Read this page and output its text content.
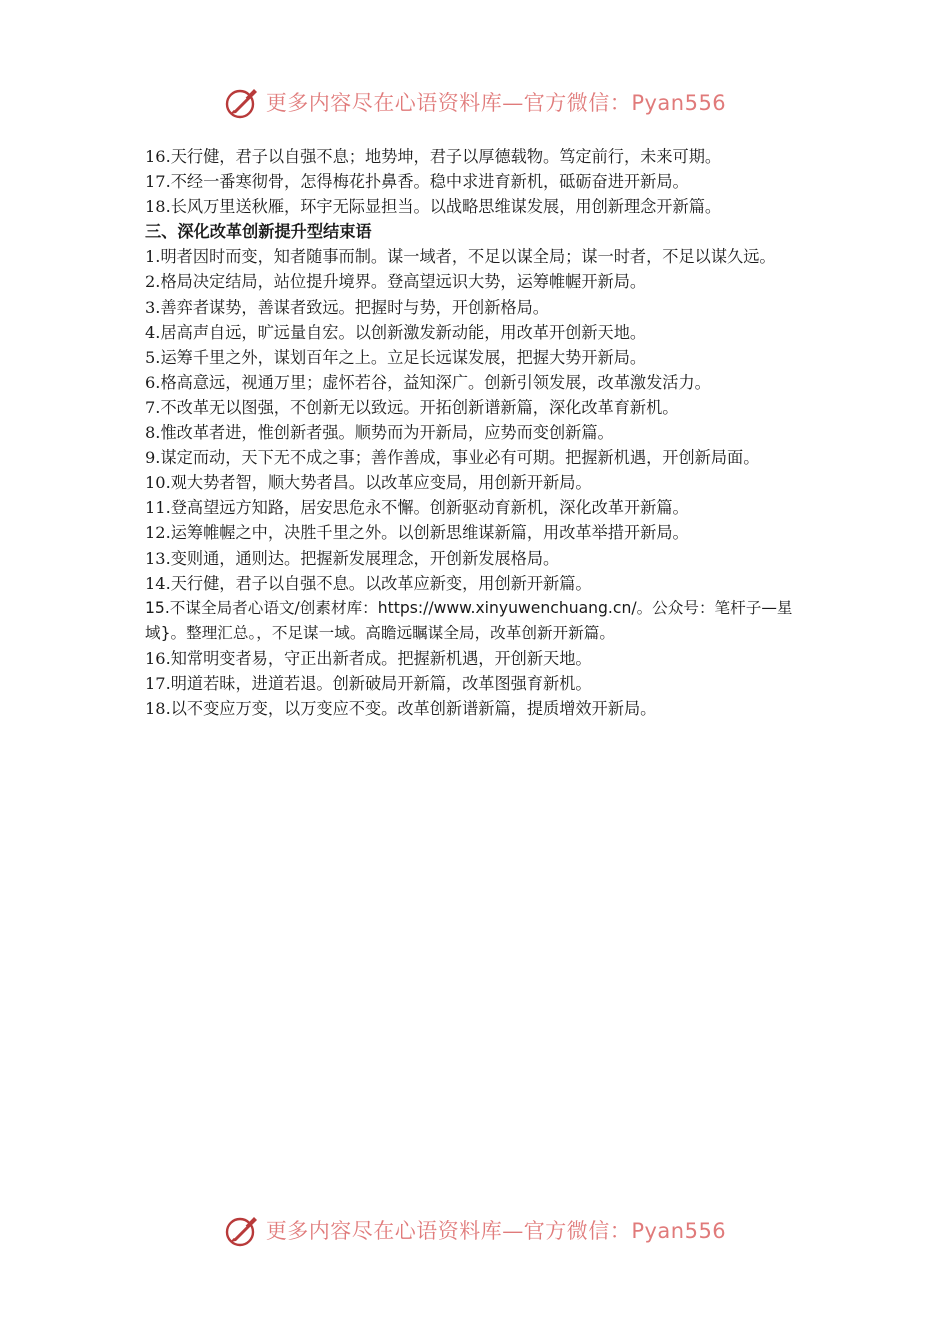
更多内容尽在心语资料库—官方微信：Pyan556
16.天行健，君子以自强不息；地势坤，君子以厚德载物。笃定前行，未来可期。
17.不经一番寒彻骨，怎得梅花扑鼻香。稳中求进育新机，砥砺奋进开新局。
18.长风万里送秋雁，环宇无际显担当。以战略思维谋发展，用创新理念开新篇。
三、深化改革创新提升型结束语
1.明者因时而变，知者随事而制。谋一域者，不足以谋全局；谋一时者，不足以谋久远。
2.格局决定结局，站位提升境界。登高望远识大势，运筹帷幄开新局。
3.善弈者谋势，善谋者致远。把握时与势，开创新格局。
4.居高声自远，旷远量自宏。以创新激发新动能，用改革开创新天地。
5.运筹千里之外，谋划百年之上。立足长远谋发展，把握大势开新局。
6.格高意远，视通万里；虚怀若谷，益知深广。创新引领发展，改革激发活力。
7.不改革无以图强，不创新无以致远。开拓创新谱新篇，深化改革育新机。
8.惟改革者进，惟创新者强。顺势而为开新局，应势而变创新篇。
9.谋定而动，天下无不成之事；善作善成，事业必有可期。把握新机遇，开创新局面。
10.观大势者智，顺大势者昌。以改革应变局，用创新开新局。
11.登高望远方知路，居安思危永不懈。创新驱动育新机，深化改革开新篇。
12.运筹帷幄之中，决胜千里之外。以创新思维谋新篇，用改革举措开新局。
13.变则通，通则达。把握新发展理念，开创新发展格局。
14.天行健，君子以自强不息。以改革应新变，用创新开新篇。
15.不谋全局者心语文/创素材库：https://www.xinyuwenchuang.cn/。公众号：笔杆子—星域}。整理汇总。，不足谋一域。高瞻远瞩谋全局，改革创新开新篇。
16.知常明变者易，守正出新者成。把握新机遇，开创新天地。
17.明道若昧，进道若退。创新破局开新篇，改革图强育新机。
18.以不变应万变，以万变应不变。改革创新谱新篇，提质增效开新局。
更多内容尽在心语资料库—官方微信：Pyan556
